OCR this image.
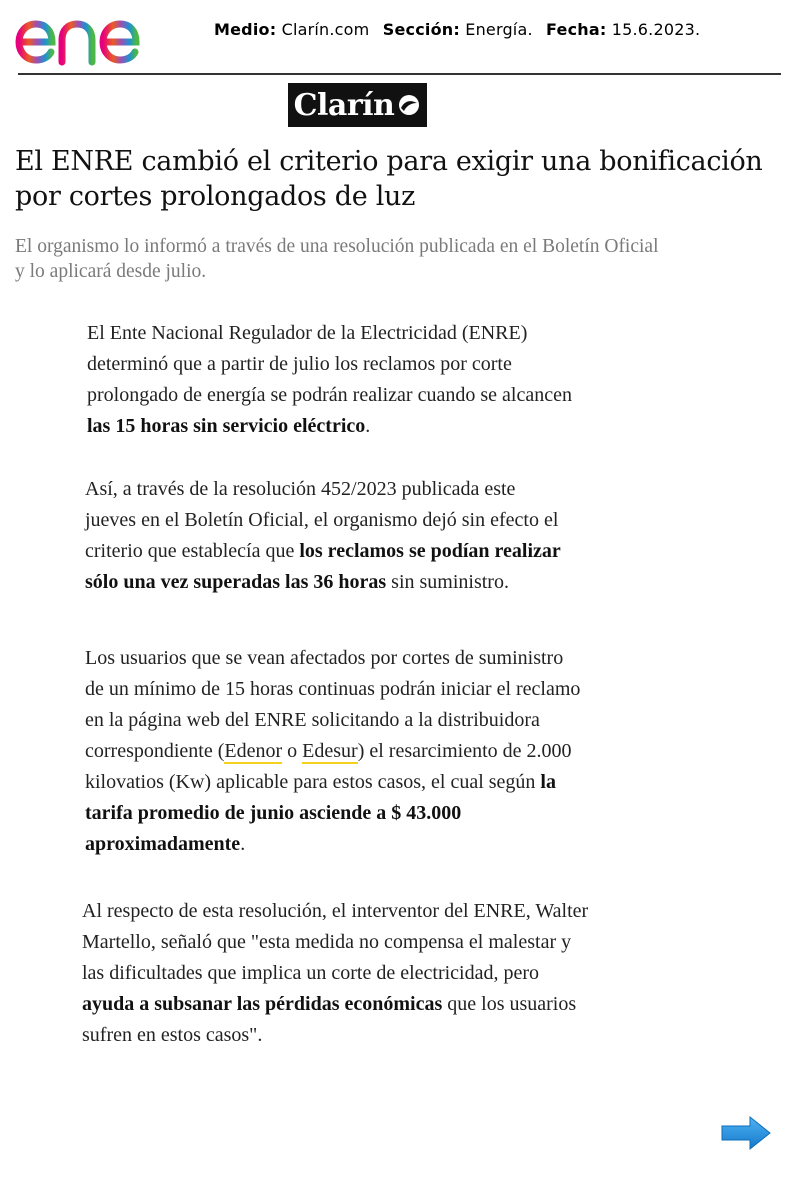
Medio: Clarín.com Sección: Energía. Fecha: 15.6.2023.
Clarín
El ENRE cambió el criterio para exigir una bonificación
por cortes prolongados de luz

El organismo lo informó a través de una resolución publicada en el Boletín Oficial
y lo aplicará desde julio.

El Ente Nacional Regulador de la Electricidad (ENRE)
determinó que a partir de julio los reclamos por corte
prolongado de energía se podrán realizar cuando se alcancen
las 15 horas sin servicio eléctrico.

Así, a través de la resolución 452/2023 publicada este
jueves en el Boletín Oficial, el organismo dejó sin efecto el
criterio que establecía que los reclamos se podían realizar
sólo una vez superadas las 36 horas sin suministro.

Los usuarios que se vean afectados por cortes de suministro
de un mínimo de 15 horas continuas podrán iniciar el reclamo
en la página web del ENRE solicitando a la distribuidora
correspondiente (Edenor o Edesur) el resarcimiento de 2.000
kilovatios (Kw) aplicable para estos casos, el cual según la
tarifa promedio de junio asciende a $ 43.000
aproximadamente.

Al respecto de esta resolución, el interventor del ENRE, Walter
Martello, señaló que "esta medida no compensa el malestar y
las dificultades que implica un corte de electricidad, pero
ayuda a subsanar las pérdidas económicas que los usuarios
sufren en estos casos".
